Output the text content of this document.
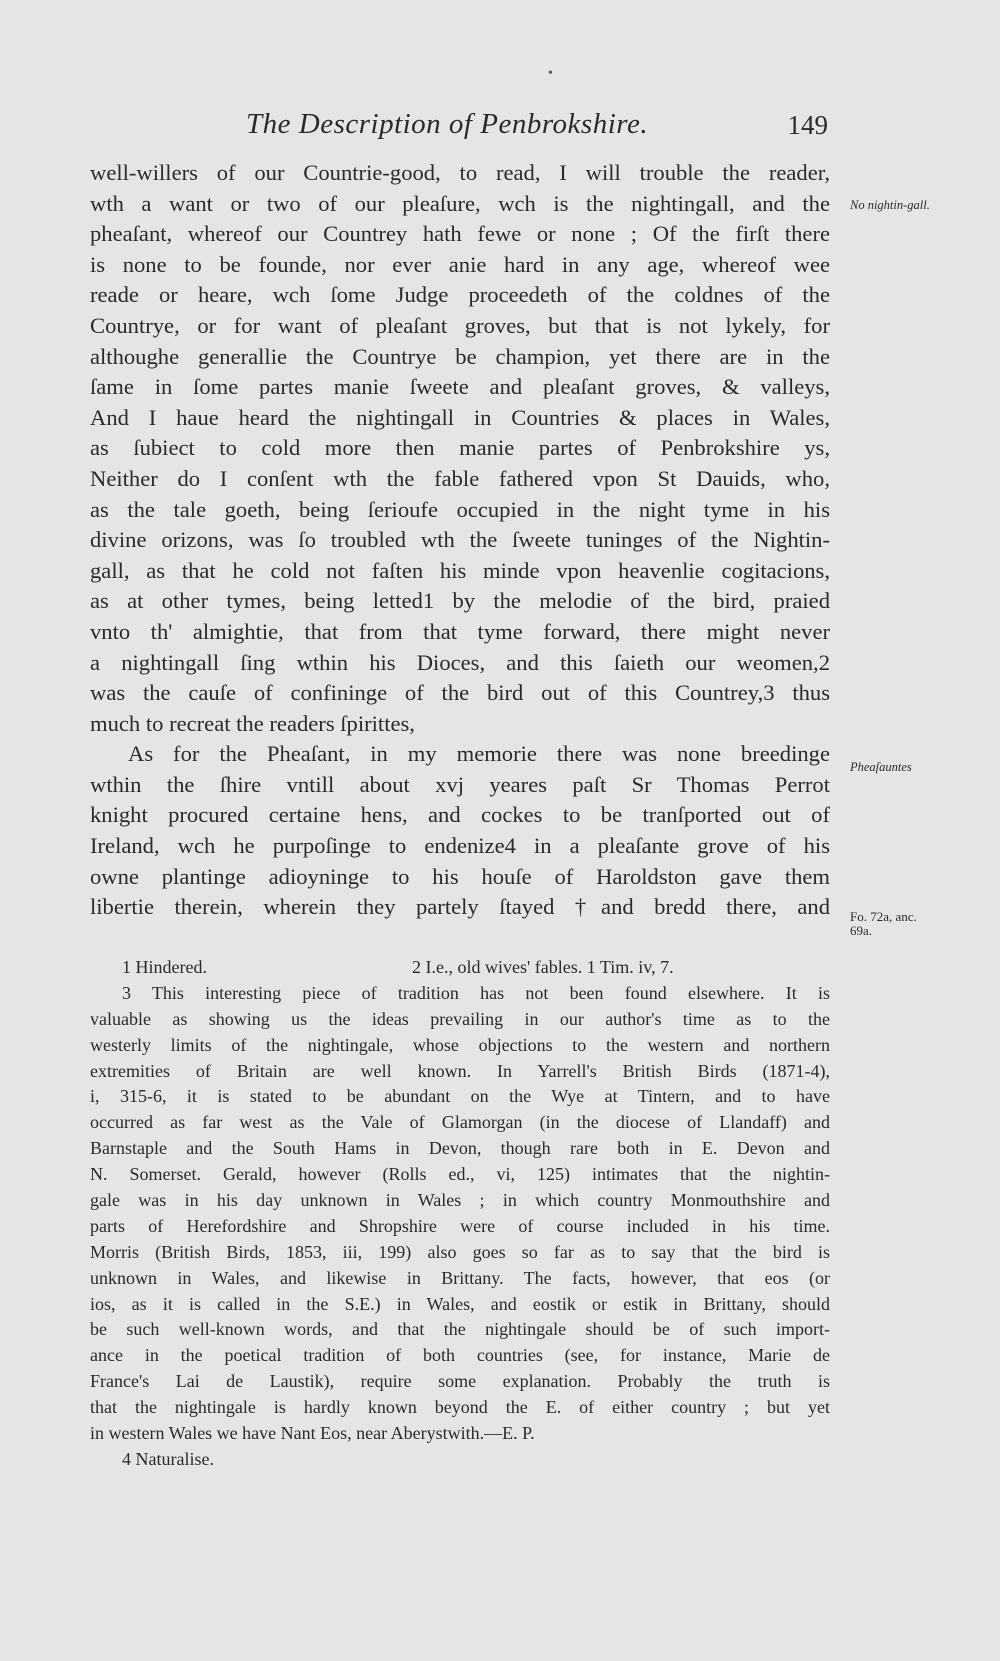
•
The Description of Penbrokshire.	149
well-willers of our Countrie-good, to read, I will trouble the reader,
wth a want or two of our pleaſure, wch is the nightingall, and the
pheaſant, whereof our Countrey hath fewe or none ; Of the firſt there
is none to be founde, nor ever anie hard in any age, whereof wee
reade or heare, wch ſome Judge proceedeth of the coldnes of the
Countrye, or for want of pleaſant groves, but that is not lykely, for
althoughe generallie the Countrye be champion, yet there are in the
ſame in ſome partes manie ſweete and pleaſant groves, & valleys,
And I haue heard the nightingall in Countries & places in Wales,
as ſubiect to cold more then manie partes of Penbrokshire ys,
Neither do I conſent wth the fable fathered vpon St Dauids, who,
as the tale goeth, being ſerioufe occupied in the night tyme in his
divine orizons, was ſo troubled wth the ſweete tuninges of the Nightin-
gall, as that he cold not faſten his minde vpon heavenlie cogitacions,
as at other tymes, being letted1 by the melodie of the bird, praied
vnto th' almightie, that from that tyme forward, there might never
a nightingall ſing wthin his Dioces, and this ſaieth our weomen,2
was the cauſe of confininge of the bird out of this Countrey,3 thus
much to recreat the readers ſpirittes,
As for the Pheaſant, in my memorie there was none breedinge
wthin the ſhire vntill about xvj yeares paſt Sr Thomas Perrot
knight procured certaine hens, and cockes to be tranſported out of
Ireland, wch he purpoſinge to endenize4 in a pleaſante grove of his
owne plantinge adioyninge to his houſe of Haroldston gave them
libertie therein, wherein they partely ſtayed †and bredd there, and
No nightin-gall.
Pheaſauntes
Fo. 72a, anc. 69a.
1 Hindered.	2 I.e., old wives' fables. 1 Tim. iv, 7.
3 This interesting piece of tradition has not been found elsewhere. It is
valuable as showing us the ideas prevailing in our author's time as to the
westerly limits of the nightingale, whose objections to the western and northern
extremities of Britain are well known. In Yarrell's British Birds (1871-4),
i, 315-6, it is stated to be abundant on the Wye at Tintern, and to have
occurred as far west as the Vale of Glamorgan (in the diocese of Llandaff) and
Barnstaple and the South Hams in Devon, though rare both in E. Devon and
N. Somerset. Gerald, however (Rolls ed., vi, 125) intimates that the nightin-
gale was in his day unknown in Wales ; in which country Monmouthshire and
parts of Herefordshire and Shropshire were of course included in his time.
Morris (British Birds, 1853, iii, 199) also goes so far as to say that the bird is
unknown in Wales, and likewise in Brittany. The facts, however, that eos (or
ios, as it is called in the S.E.) in Wales, and eostik or estik in Brittany, should
be such well-known words, and that the nightingale should be of such import-
ance in the poetical tradition of both countries (see, for instance, Marie de
France's Lai de Laustik), require some explanation. Probably the truth is
that the nightingale is hardly known beyond the E. of either country ; but yet
in western Wales we have Nant Eos, near Aberystwith.—E. P.
4 Naturalise.
